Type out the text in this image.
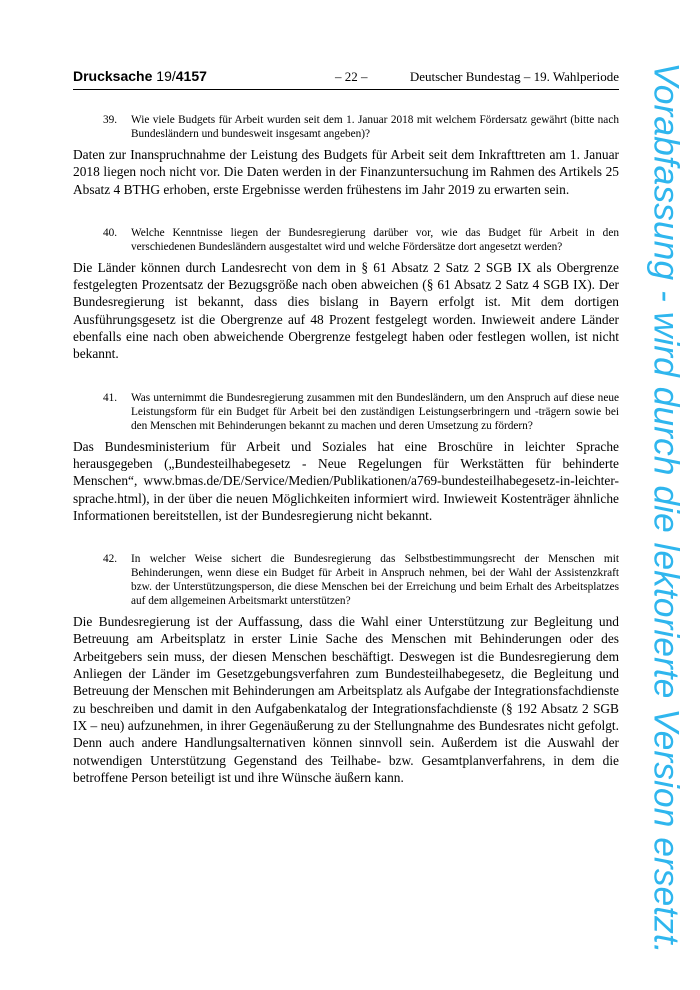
Drucksache 19/4157	– 22 –	Deutscher Bundestag – 19. Wahlperiode

39. Wie viele Budgets für Arbeit wurden seit dem 1. Januar 2018 mit welchem Fördersatz gewährt (bitte nach Bundesländern und bundesweit insgesamt angeben)?

Daten zur Inanspruchnahme der Leistung des Budgets für Arbeit seit dem Inkrafttreten am 1. Januar 2018 liegen noch nicht vor. Die Daten werden in der Finanzuntersuchung im Rahmen des Artikels 25 Absatz 4 BTHG erhoben, erste Ergebnisse werden frühestens im Jahr 2019 zu erwarten sein.

40. Welche Kenntnisse liegen der Bundesregierung darüber vor, wie das Budget für Arbeit in den verschiedenen Bundesländern ausgestaltet wird und welche Fördersätze dort angesetzt werden?

Die Länder können durch Landesrecht von dem in § 61 Absatz 2 Satz 2 SGB IX als Obergrenze festgelegten Prozentsatz der Bezugsgröße nach oben abweichen (§ 61 Absatz 2 Satz 4 SGB IX). Der Bundesregierung ist bekannt, dass dies bislang in Bayern erfolgt ist. Mit dem dortigen Ausführungsgesetz ist die Obergrenze auf 48 Prozent festgelegt worden. Inwieweit andere Länder ebenfalls eine nach oben abweichende Obergrenze festgelegt haben oder festlegen wollen, ist nicht bekannt.

41. Was unternimmt die Bundesregierung zusammen mit den Bundesländern, um den Anspruch auf diese neue Leistungsform für ein Budget für Arbeit bei den zuständigen Leistungserbringern und -trägern sowie bei den Menschen mit Behinderungen bekannt zu machen und deren Umsetzung zu fördern?

Das Bundesministerium für Arbeit und Soziales hat eine Broschüre in leichter Sprache herausgegeben („Bundesteilhabegesetz - Neue Regelungen für Werkstätten für behinderte Menschen“, www.bmas.de/DE/Service/Medien/Publikationen/a769-bundesteilhabegesetz-in-leichter-sprache.html), in der über die neuen Möglichkeiten informiert wird. Inwieweit Kostenträger ähnliche Informationen bereitstellen, ist der Bundesregierung nicht bekannt.

42. In welcher Weise sichert die Bundesregierung das Selbstbestimmungsrecht der Menschen mit Behinderungen, wenn diese ein Budget für Arbeit in Anspruch nehmen, bei der Wahl der Assistenzkraft bzw. der Unterstützungsperson, die diese Menschen bei der Erreichung und beim Erhalt des Arbeitsplatzes auf dem allgemeinen Arbeitsmarkt unterstützen?

Die Bundesregierung ist der Auffassung, dass die Wahl einer Unterstützung zur Begleitung und Betreuung am Arbeitsplatz in erster Linie Sache des Menschen mit Behinderungen oder des Arbeitgebers sein muss, der diesen Menschen beschäftigt. Deswegen ist die Bundesregierung dem Anliegen der Länder im Gesetzgebungsverfahren zum Bundesteilhabegesetz, die Begleitung und Betreuung der Menschen mit Behinderungen am Arbeitsplatz als Aufgabe der Integrationsfachdienste zu beschreiben und damit in den Aufgabenkatalog der Integrationsfachdienste (§ 192 Absatz 2 SGB IX – neu) aufzunehmen, in ihrer Gegenäußerung zu der Stellungnahme des Bundesrates nicht gefolgt. Denn auch andere Handlungsalternativen können sinnvoll sein. Außerdem ist die Auswahl der notwendigen Unterstützung Gegenstand des Teilhabe- bzw. Gesamtplanverfahrens, in dem die betroffene Person beteiligt ist und ihre Wünsche äußern kann.	Vorabfassung - wird durch die lektorierte Version ersetzt.
